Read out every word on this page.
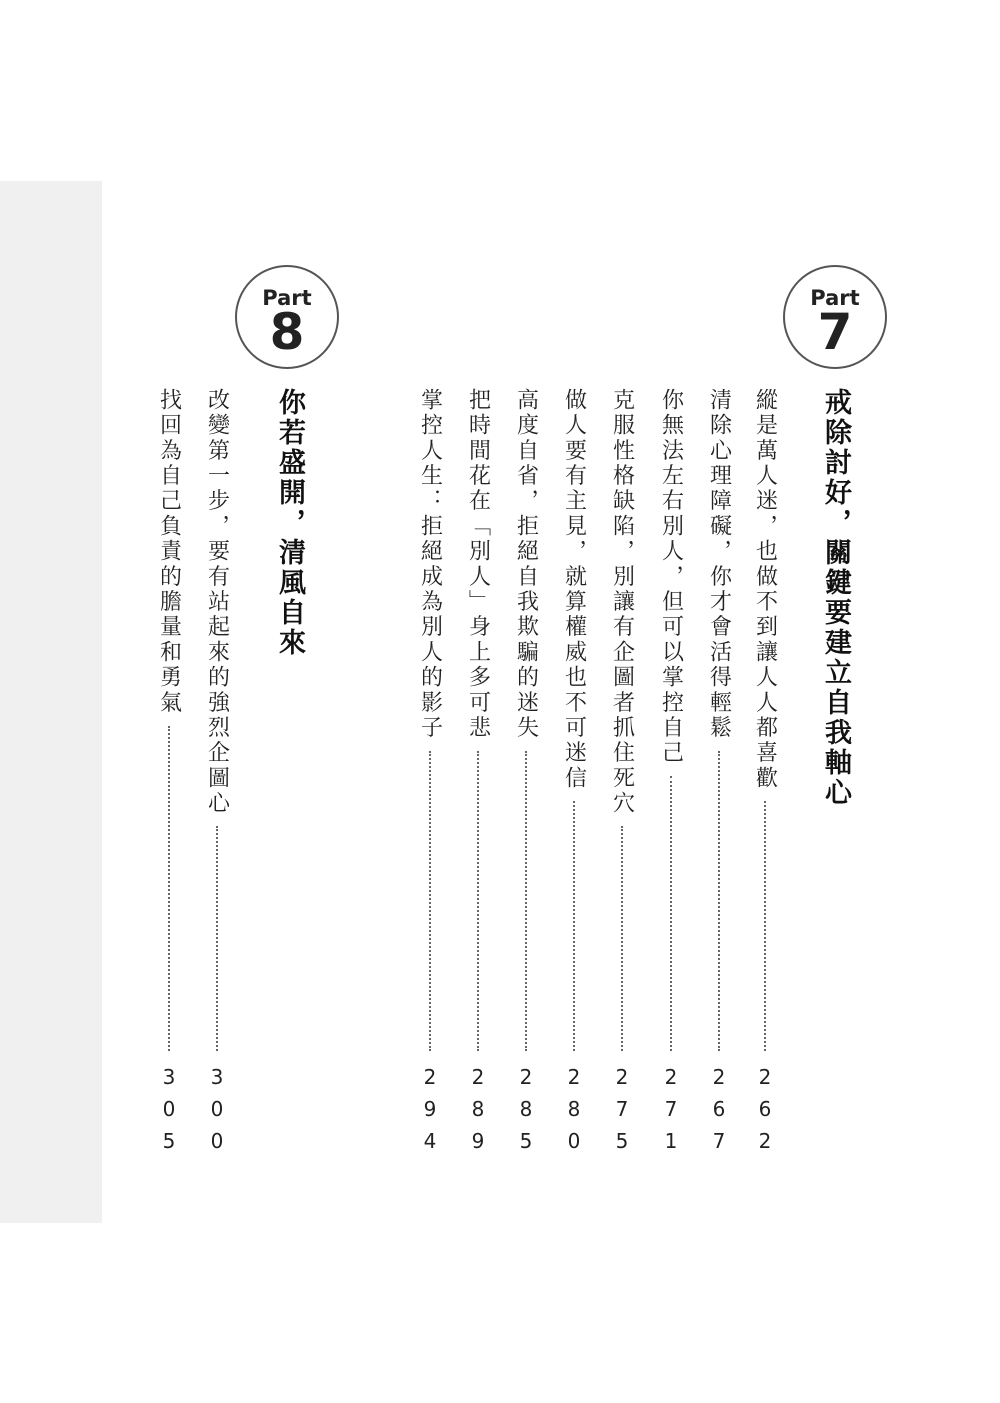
Part
7
戒除討好，關鍵要建立自我軸心
縱是萬人迷，也做不到讓人人都喜歡
262
清除心理障礙，你才會活得輕鬆
267
你無法左右別人，但可以掌控自己
271
克服性格缺陷，別讓有企圖者抓住死穴
275
做人要有主見，就算權威也不可迷信
280
高度自省，拒絕自我欺騙的迷失
285
把時間花在「別人」身上多可悲
289
掌控人生：拒絕成為別人的影子
294
Part
8
你若盛開，清風自來
改變第一步，要有站起來的強烈企圖心
300
找回為自己負責的膽量和勇氣
305
